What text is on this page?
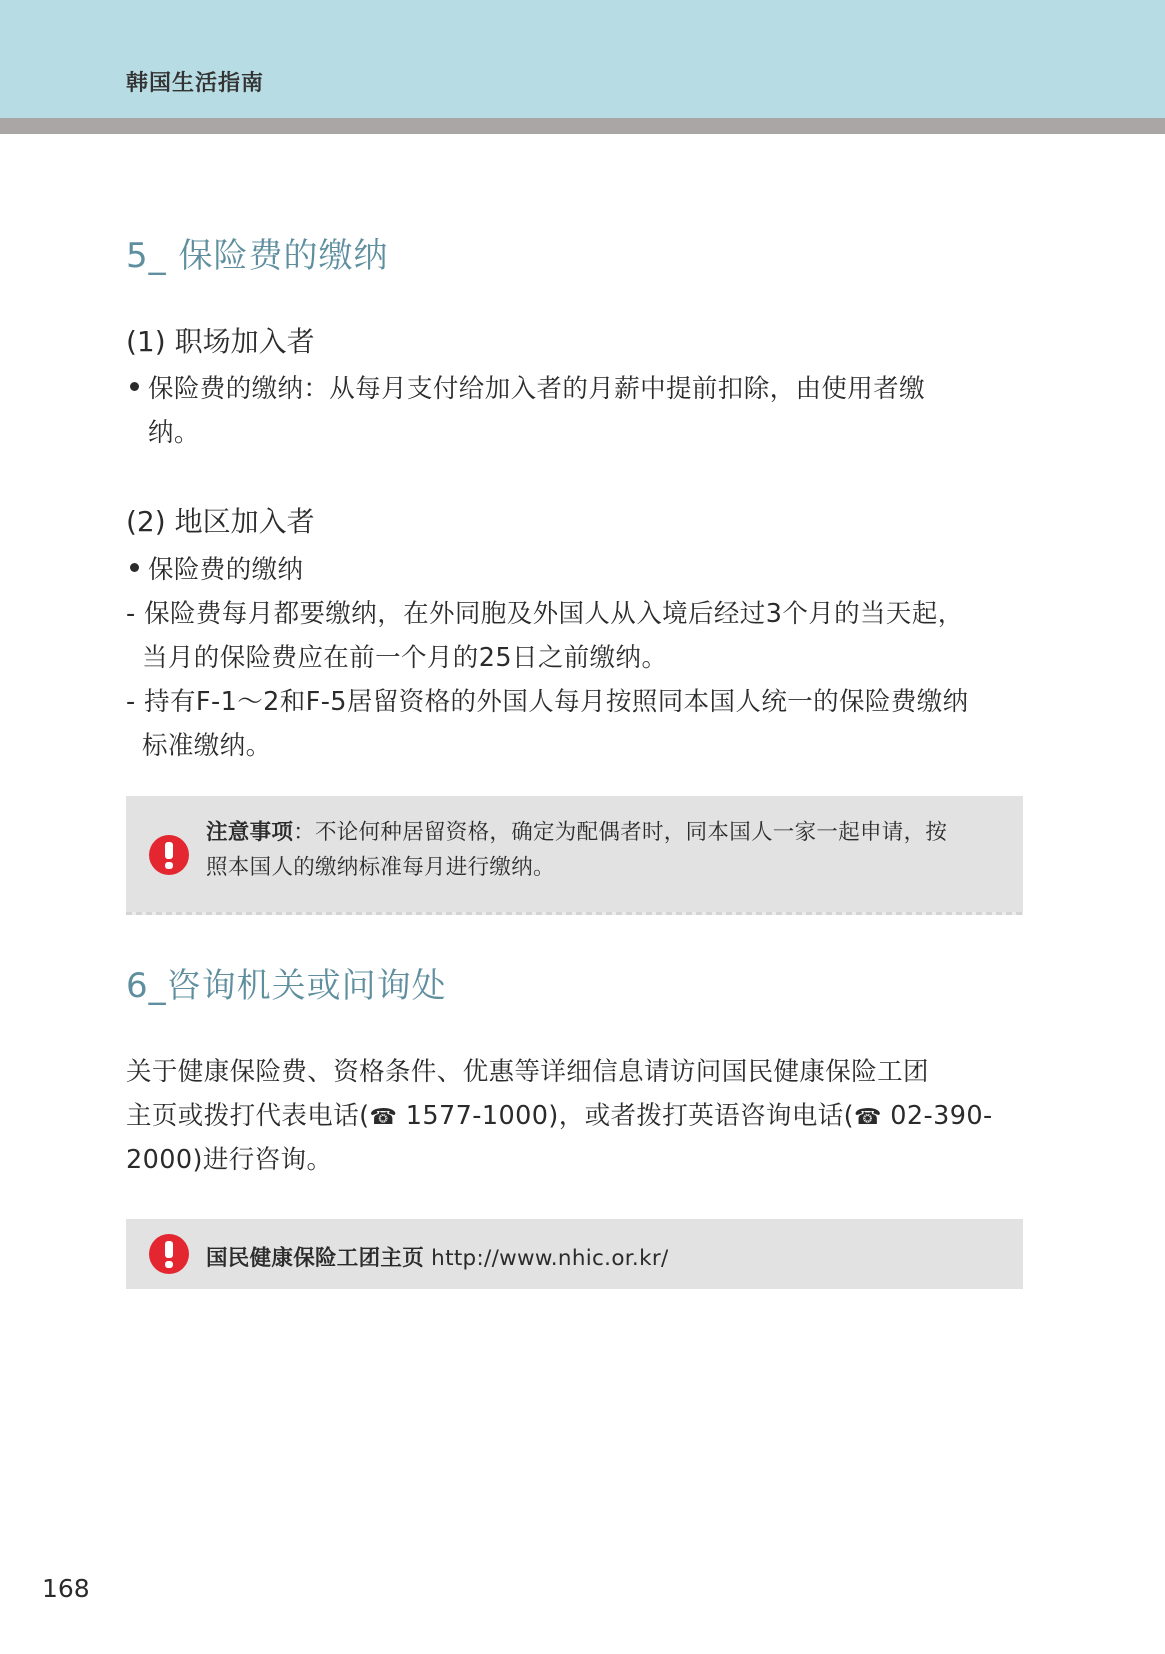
韩国生活指南
5_ 保险费的缴纳
(1) 职场加入者
保险费的缴纳：从每月支付给加入者的月薪中提前扣除，由使用者缴
纳。
(2) 地区加入者
保险费的缴纳
- 保险费每月都要缴纳，在外同胞及外国人从入境后经过3个月的当天起，
当月的保险费应在前一个月的25日之前缴纳。
- 持有F-1～2和F-5居留资格的外国人每月按照同本国人统一的保险费缴纳
标准缴纳。
注意事项：不论何种居留资格，确定为配偶者时，同本国人一家一起申请，按
照本国人的缴纳标准每月进行缴纳。
6_咨询机关或问询处
关于健康保险费、资格条件、优惠等详细信息请访问国民健康保险工团
主页或拨打代表电话(☎ 1577-1000)，或者拨打英语咨询电话(☎ 02-390-
2000)进行咨询。
国民健康保险工团主页 http://www.nhic.or.kr/
168
